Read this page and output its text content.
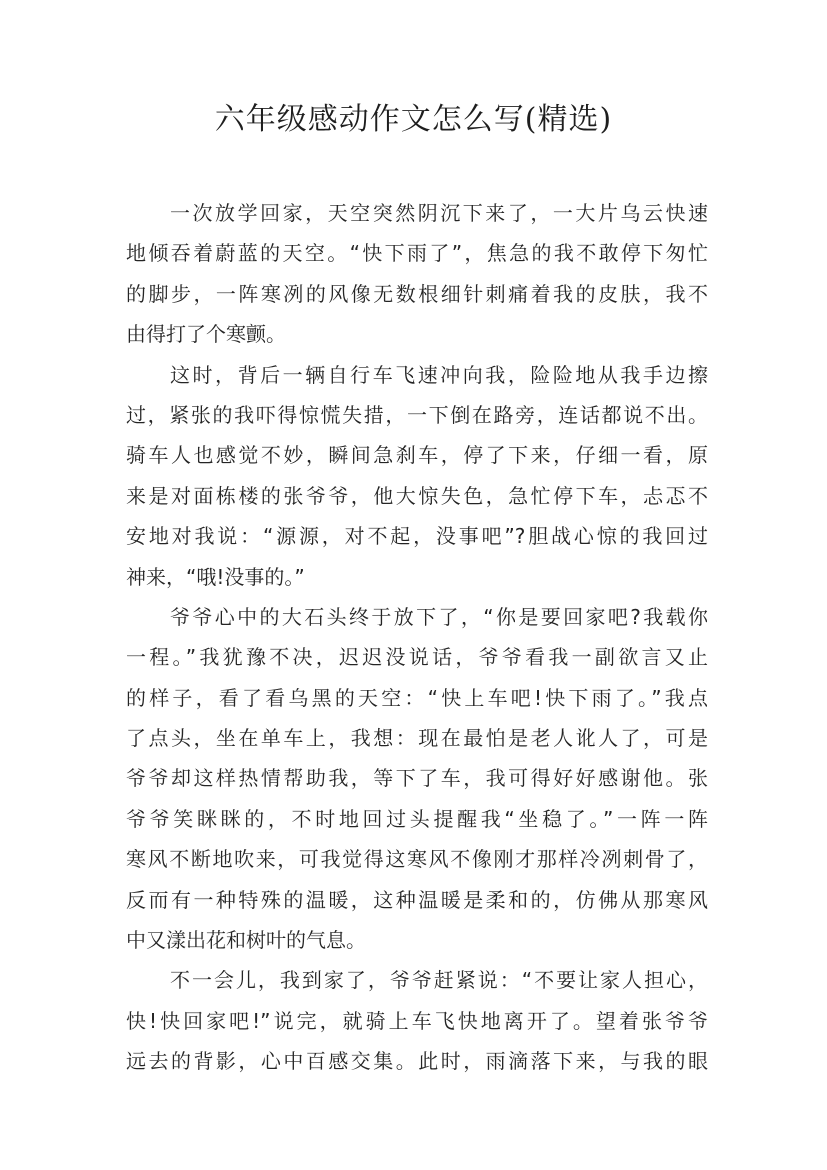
六年级感动作文怎么写(精选)
一次放学回家，天空突然阴沉下来了，一大片乌云快速
地倾吞着蔚蓝的天空。“快下雨了”，焦急的我不敢停下匆忙
的脚步，一阵寒冽的风像无数根细针刺痛着我的皮肤，我不
由得打了个寒颤。
这时，背后一辆自行车飞速冲向我，险险地从我手边擦
过，紧张的我吓得惊慌失措，一下倒在路旁，连话都说不出。
骑车人也感觉不妙，瞬间急刹车，停了下来，仔细一看，原
来是对面栋楼的张爷爷，他大惊失色，急忙停下车，忐忑不
安地对我说：“源源，对不起，没事吧”?胆战心惊的我回过
神来，“哦!没事的。”
爷爷心中的大石头终于放下了，“你是要回家吧?我载你
一程。”我犹豫不决，迟迟没说话，爷爷看我一副欲言又止
的样子，看了看乌黑的天空：“快上车吧!快下雨了。”我点
了点头，坐在单车上，我想：现在最怕是老人讹人了，可是
爷爷却这样热情帮助我，等下了车，我可得好好感谢他。张
爷爷笑眯眯的，不时地回过头提醒我“坐稳了。”一阵一阵
寒风不断地吹来，可我觉得这寒风不像刚才那样冷冽刺骨了，
反而有一种特殊的温暖，这种温暖是柔和的，仿佛从那寒风
中又漾出花和树叶的气息。
不一会儿，我到家了，爷爷赶紧说：“不要让家人担心，
快!快回家吧!”说完，就骑上车飞快地离开了。望着张爷爷
远去的背影，心中百感交集。此时，雨滴落下来，与我的眼
